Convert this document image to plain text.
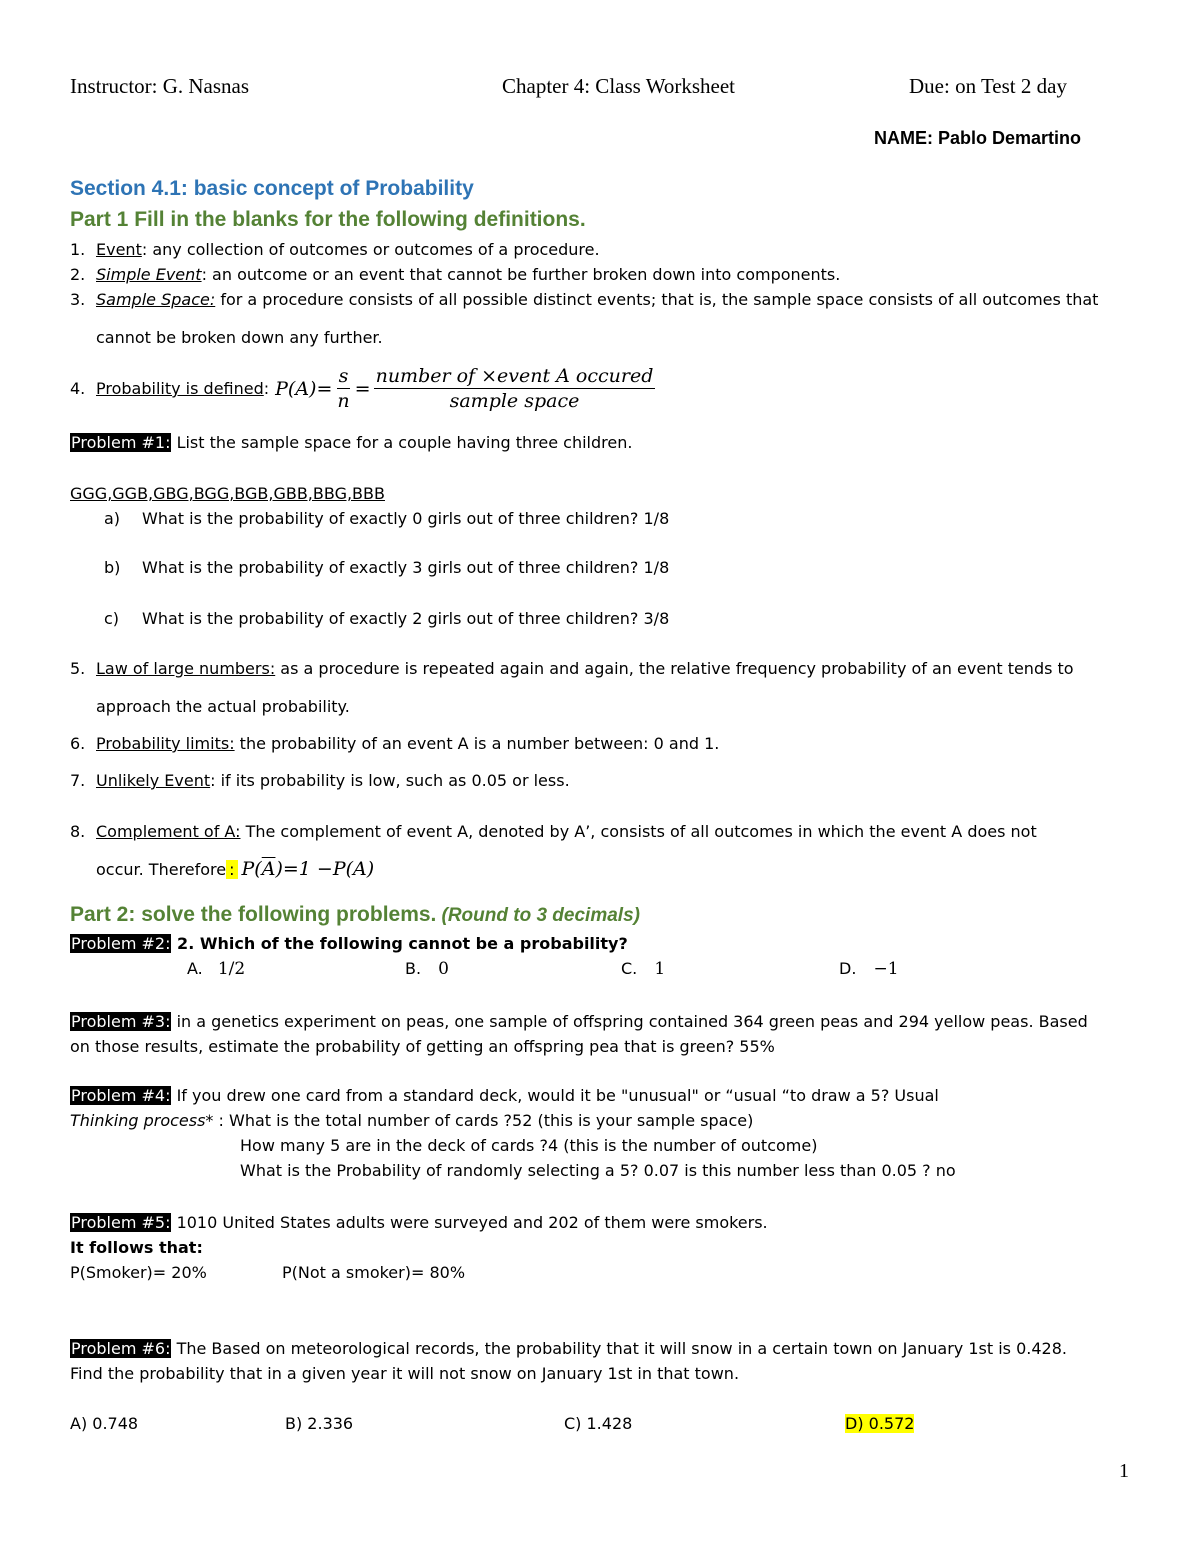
Instructor: G. Nasnas	Chapter 4: Class Worksheet	Due: on Test 2 day
NAME: Pablo Demartino
Section 4.1: basic concept of Probability
Part 1 Fill in the blanks for the following definitions.
1. Event: any collection of outcomes or outcomes of a procedure.
2. Simple Event: an outcome or an event that cannot be further broken down into components.
3. Sample Space: for a procedure consists of all possible distinct events; that is, the sample space consists of all outcomes that
cannot be broken down any further.
4. Probability is defined : $P(A)= \frac{s}{n} = \frac{\text{number of ×event A occured}}{\text{sample space}}$
Problem #1: List the sample space for a couple having three children.
GGG,GGB,GBG,BGG,BGB,GBB,BBG,BBB
a) What is the probability of exactly 0 girls out of three children? 1/8
b) What is the probability of exactly 3 girls out of three children? 1/8
c) What is the probability of exactly 2 girls out of three children? 3/8
5. Law of large numbers: as a procedure is repeated again and again, the relative frequency probability of an event tends to
approach the actual probability.
6. Probability limits: the probability of an event A is a number between: 0 and 1.
7. Unlikely Event: if its probability is low, such as 0.05 or less.
8. Complement of A: The complement of event A, denoted by A’, consists of all outcomes in which the event A does not
occur. Therefore : $P(\overline{A})=1 -P(A)$
Part 2: solve the following problems. (Round to 3 decimals)
Problem #2: 2. Which of the following cannot be a probability?
A. 1/2	B. 0	C. 1	D. −1
Problem #3: in a genetics experiment on peas, one sample of offspring contained 364 green peas and 294 yellow peas. Based
on those results, estimate the probability of getting an offspring pea that is green? 55%
Problem #4: If you drew one card from a standard deck, would it be "unusual" or “usual “to draw a 5? Usual
Thinking process* : What is the total number of cards ?52 (this is your sample space)
How many 5 are in the deck of cards ?4 (this is the number of outcome)
What is the Probability of randomly selecting a 5? 0.07 is this number less than 0.05 ? no
Problem #5: 1010 United States adults were surveyed and 202 of them were smokers.
It follows that:
P(Smoker)= 20%	P(Not a smoker)= 80%
Problem #6: The Based on meteorological records, the probability that it will snow in a certain town on January 1st is 0.428.
Find the probability that in a given year it will not snow on January 1st in that town.
A) 0.748	B) 2.336	C) 1.428	D) 0.572
1
